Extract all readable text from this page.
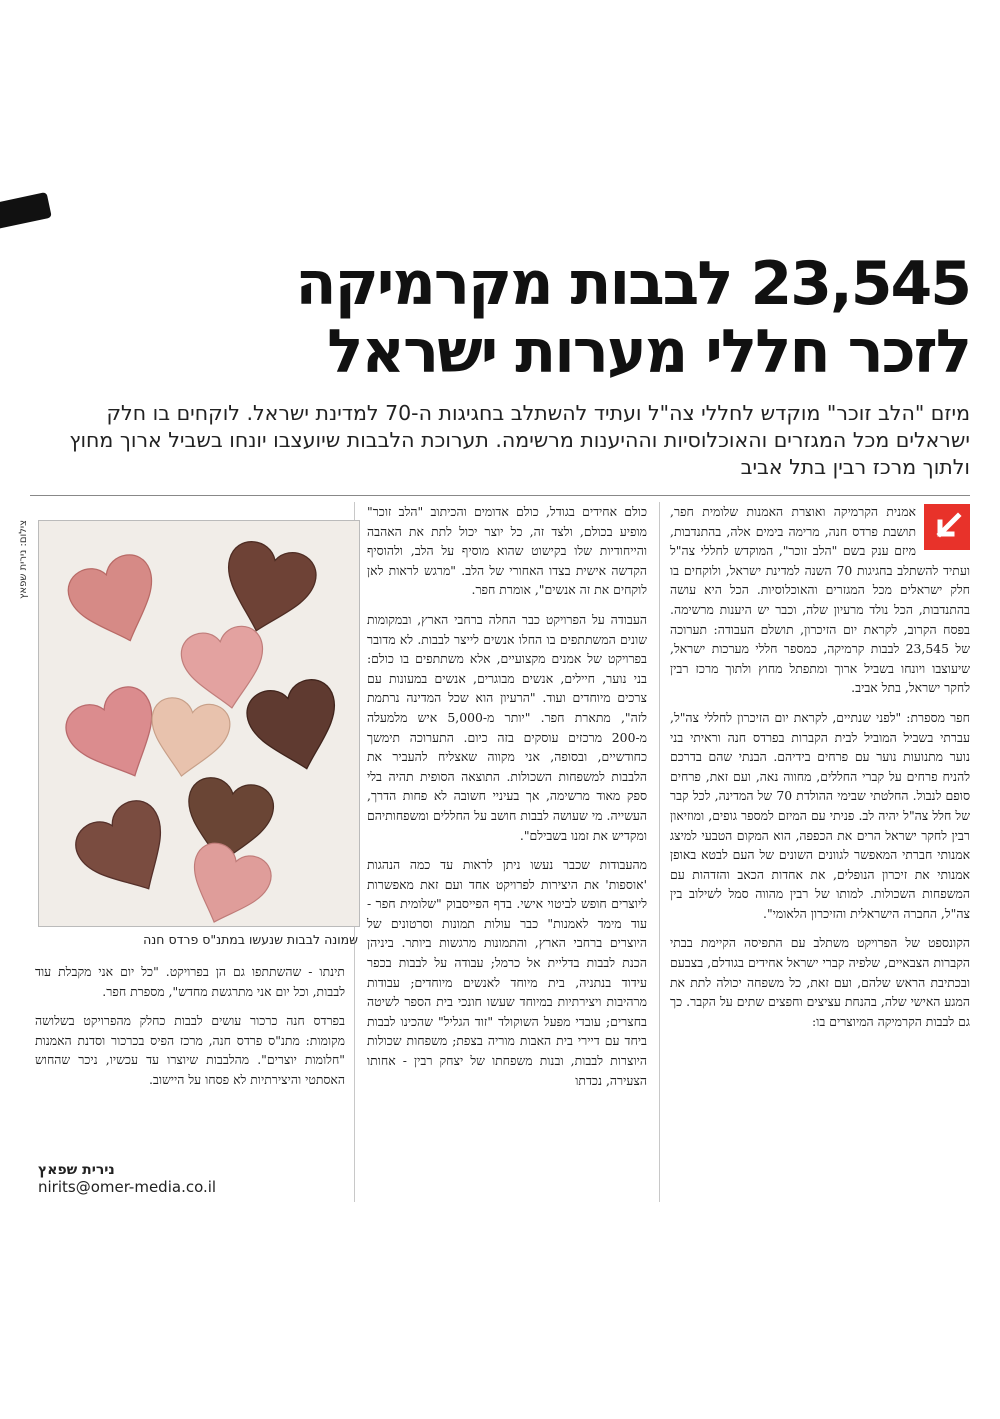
23,545 לבבות מקרמיקה לזכר חללי מערות ישראל

מיזם "הלב זוכר" מוקדש לחללי צה"ל ועתיד להשתלב בחגיגות ה-70 למדינת ישראל. לוקחים בו חלק ישראלים מכל המגזרים והאוכלוסיות וההיענות מרשימה. תערוכת הלבבות שיועצבו יונחו בשביל ארוך מחוץ ולתוך מרכז רבין בתל אביב

אמנית הקרמיקה ואוצרת האמנות שלומית חפר, תושבת פרדס חנה, מרימה בימים אלה, בהתנדבות, מיזם ענק בשם "הלב זוכר", המוקדש לחללי צה"ל ועתיד להשתלב בחגיגות 70 השנה למדינת ישראל, ולוקחים בו חלק ישראלים מכל המגזרים והאוכלוסיות. הכל היא עושה בהתנדבות, הכל נולד מרעיון שלה, וכבר יש היענות מרשימה. בפסח הקרוב, לקראת יום הזיכרון, תושלם העבודה: תערוכה של 23,545 לבבות קרמיקה, כמספר חללי מערכות ישראל, שיעוצבו ויונחו בשביל ארוך ומתפתל מחוץ ולתוך מרכז רבין לחקר ישראל, בתל אביב.

חפר מספרת: "לפני שנתיים, לקראת יום הזיכרון לחללי צה"ל, עברתי בשביל המוביל לבית הקברות בפרדס חנה וראיתי בני נוער מתנועות נוער עם פרחים בידיהם. הבנתי שהם בדרכם להניח פרחים על קברי החללים, מחווה נאה, ועם זאת, פרחים סופם לנבול. החלטתי שבימי ההולדת 70 של המדינה, לכל קבר של חלל צה"ל יהיה לב. פניתי עם המיזם למספר גופים, ומוזיאון רבין לחקר ישראל הרים את הכפפה, הוא המקום הטבעי למיצג אמנותי חברתי המאפשר לגוונים השונים של העם לבטא באופן אמנותי את זיכרון הנופלים, את אחדות הכאב והזדהות עם המשפחות השכולות. למותו של רבין מהווה סמל לשילוב בין צה"ל, החברה הישראלית והזיכרון הלאומי".

הקונספט של הפרויקט משתלב עם התפיסה הקיימת בבתי הקברות הצבאיים, שלפיה קברי ישראל אחידים בגודלם, בצבעם ובכתיבת הראש שלהם, ועם זאת, כל משפחה יכולה לתת את המגע האישי שלה, בהנחת עציצים וחפצים שתים על הקבר. כך גם לבבות הקרמיקה המיוצרים בו:

כולם אחידים בגודל, כולם אדומים והכיתוב "הלב זוכר" מופיע בכולם, ולצד זה, כל יוצר יכול לתת את האהבה והייחודיות שלו בקישוט שהוא מוסיף על הלב, ולהוסיף הקדשה אישית בצדו האחורי של הלב. "מרגש לראות לאן לוקחים את זה אנשים", אומרת חפר.

העבודה על הפרויקט כבר החלה ברחבי הארץ, ובמקומות שונים המשתתפים בו החלו אנשים לייצר לבבות. לא מדובר בפרויקט של אמנים מקצועיים, אלא משתתפים בו כולם: בני נוער, חיילים, אנשים מבוגרים, אנשים במעונות עם צרכים מיוחדים ועוד. "הרעיון הוא שכל המדינה נרתמת לזה", מתארת חפר. "יותר מ-5,000 איש מלמעלה מ-200 מרכזים עוסקים בזה כיום. התערוכה תימשך כחודשיים, ובסופה, אני מקווה שאצליח להעביר את הלבבות למשפחות השכולות. התוצאה הסופית תהיה בלי ספק מאוד מרשימה, אך בעיניי חשובה לא פחות הדרך, העשייה. מי שעושה לבבות חושב על החללים ומשפחותיהם ומקדיש את זמנו בשבילם".

מהעבודות שכבר נעשו ניתן לראות עד כמה הנהגות 'אוספות' את היצירות לפרויקט אחד ועם זאת מאפשרות ליוצרים חופש לביטוי אישי. בדף הפייסבוק "שלומית חפר - עוד מימד לאמנות" כבר עולות תמונות וסרטונים של היוצרים ברחבי הארץ, והתמונות מרגשות ביותר. ביניהן הכנת לבבות בדליית אל כרמל; עבודה על לבבות בכפר עידוד בנתניה, בית מיוחד לאנשים מיוחדים; עבודות מרהיבות ויצירתיות במיוחד שעשו חונכי בית הספר לשיטה בחצרים; עובדי מפעל השוקולד "זוד הגליל" שהכינו לבבות ביחד עם דיירי בית האבות מוריה בצפת; משפחות שכולות היוצרות לבבות, ובנות משפחתו של יצחק רבין - אחותו הצעירה, נכדתו

צילום: נירית שפאץ
שמונה לבבות שנעשו במתנ"ס פרדס חנה

תינתו - שהשתתפו גם הן בפרויקט. "כל יום אני מקבלת עוד לבבות, וכל יום אני מתרגשת מחדש", מספרת חפר.

בפרדס חנה כרכור עושים לבבות כחלק מהפרויקט בשלושה מקומות: מתנ"ס פרדס חנה, מרכז הפיס בכרכור וסדנת האמנות "חלומות יוצרים". מהלבבות שיוצרו עד עכשיו, ניכר שהחוש האסתטי והיצירתיות לא פסחו על היישוב.

נירית שפאץ
nirits@omer-media.co.il
